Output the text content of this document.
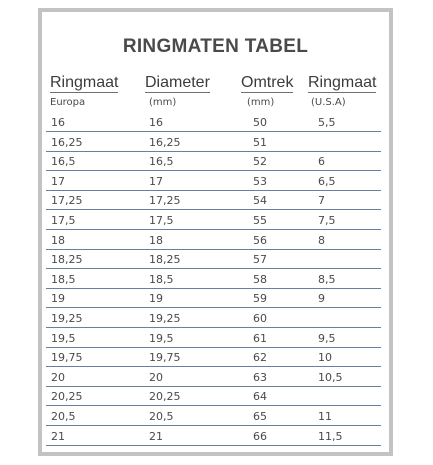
RINGMATEN TABEL
Ringmaat Diameter Omtrek Ringmaat
Europa	(mm)	(mm)	(U.S.A)
16	16	50	5,5
16,25	16,25	51
16,5	16,5	52	6
17	17	53	6,5
17,25	17,25	54	7
17,5	17,5	55	7,5
18	18	56	8
18,25	18,25	57
18,5	18,5	58	8,5
19	19	59	9
19,25	19,25	60
19,5	19,5	61	9,5
19,75	19,75	62	10
20	20	63	10,5
20,25	20,25	64
20,5	20,5	65	11
21	21	66	11,5
